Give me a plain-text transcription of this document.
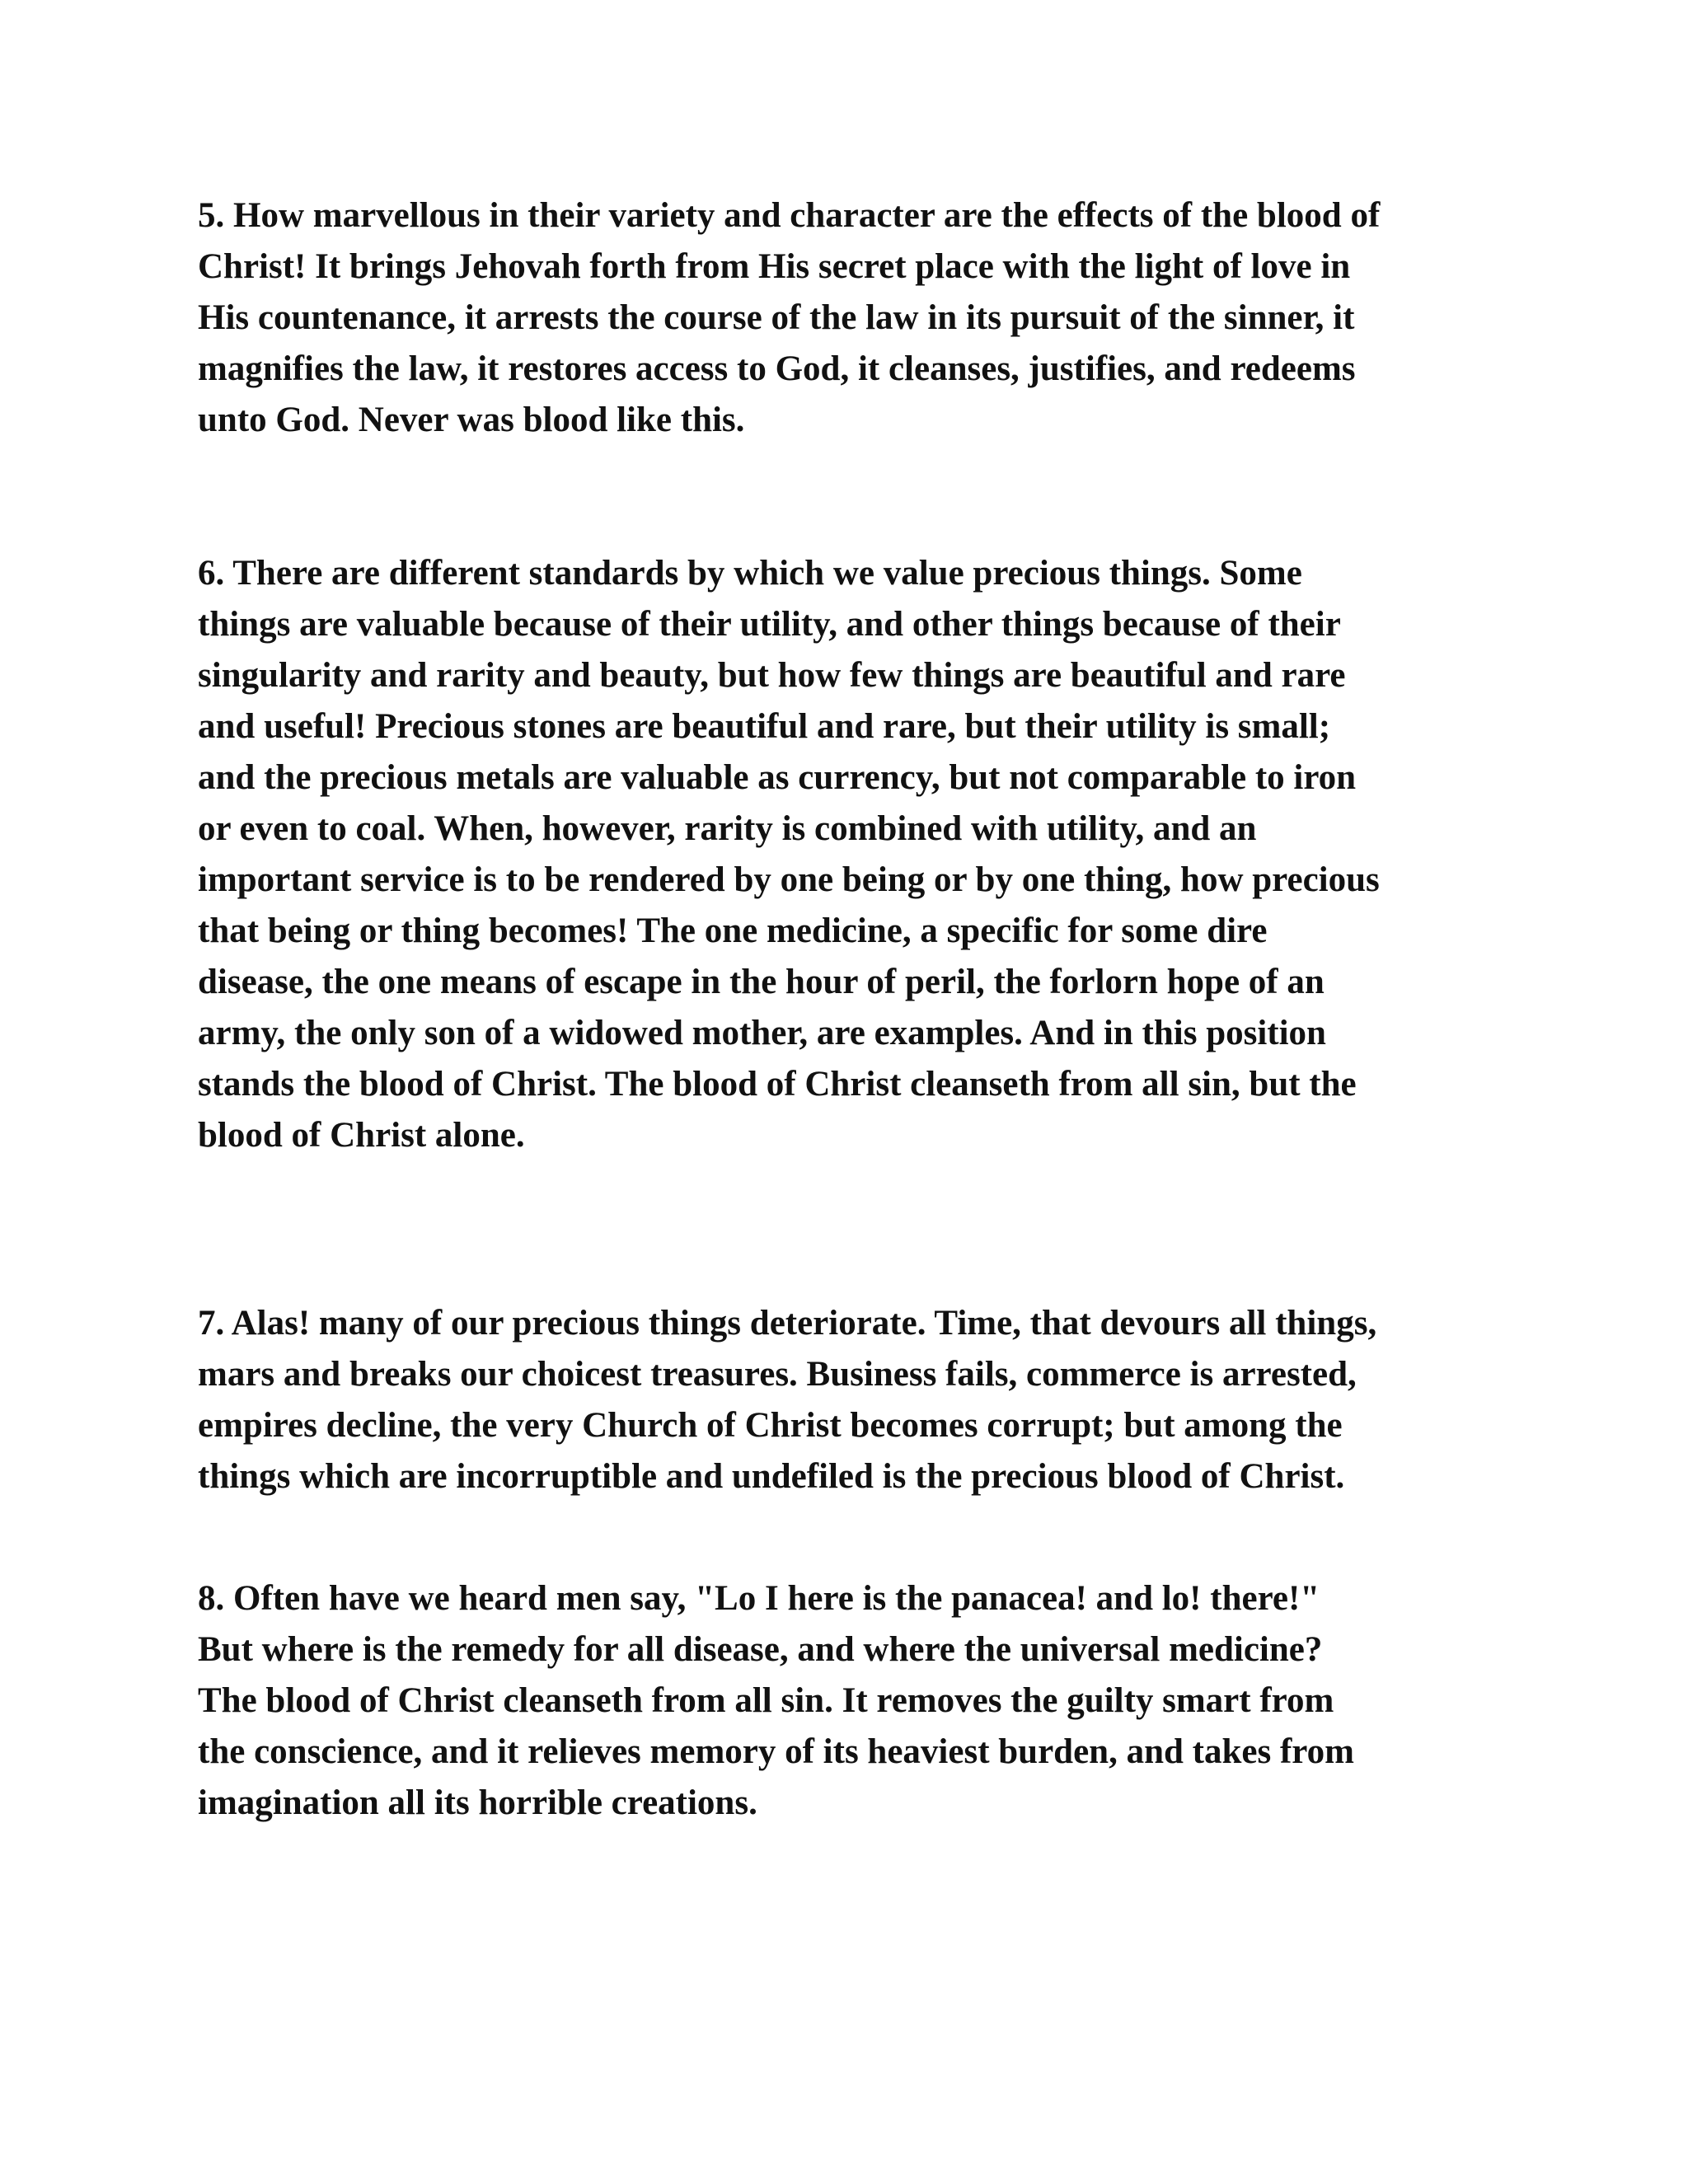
5. How marvellous in their variety and character are the effects of the blood of
Christ! It brings Jehovah forth from His secret place with the light of love in
His countenance, it arrests the course of the law in its pursuit of the sinner, it
magnifies the law, it restores access to God, it cleanses, justifies, and redeems
unto God. Never was blood like this.

6. There are different standards by which we value precious things. Some
things are valuable because of their utility, and other things because of their
singularity and rarity and beauty, but how few things are beautiful and rare
and useful! Precious stones are beautiful and rare, but their utility is small;
and the precious metals are valuable as currency, but not comparable to iron
or even to coal. When, however, rarity is combined with utility, and an
important service is to be rendered by one being or by one thing, how precious
that being or thing becomes! The one medicine, a specific for some dire
disease, the one means of escape in the hour of peril, the forlorn hope of an
army, the only son of a widowed mother, are examples. And in this position
stands the blood of Christ. The blood of Christ cleanseth from all sin, but the
blood of Christ alone.

7. Alas! many of our precious things deteriorate. Time, that devours all things,
mars and breaks our choicest treasures. Business fails, commerce is arrested,
empires decline, the very Church of Christ becomes corrupt; but among the
things which are incorruptible and undefiled is the precious blood of Christ.

8. Often have we heard men say, "Lo I here is the panacea! and lo! there!"
But where is the remedy for all disease, and where the universal medicine?
The blood of Christ cleanseth from all sin. It removes the guilty smart from
the conscience, and it relieves memory of its heaviest burden, and takes from
imagination all its horrible creations.
